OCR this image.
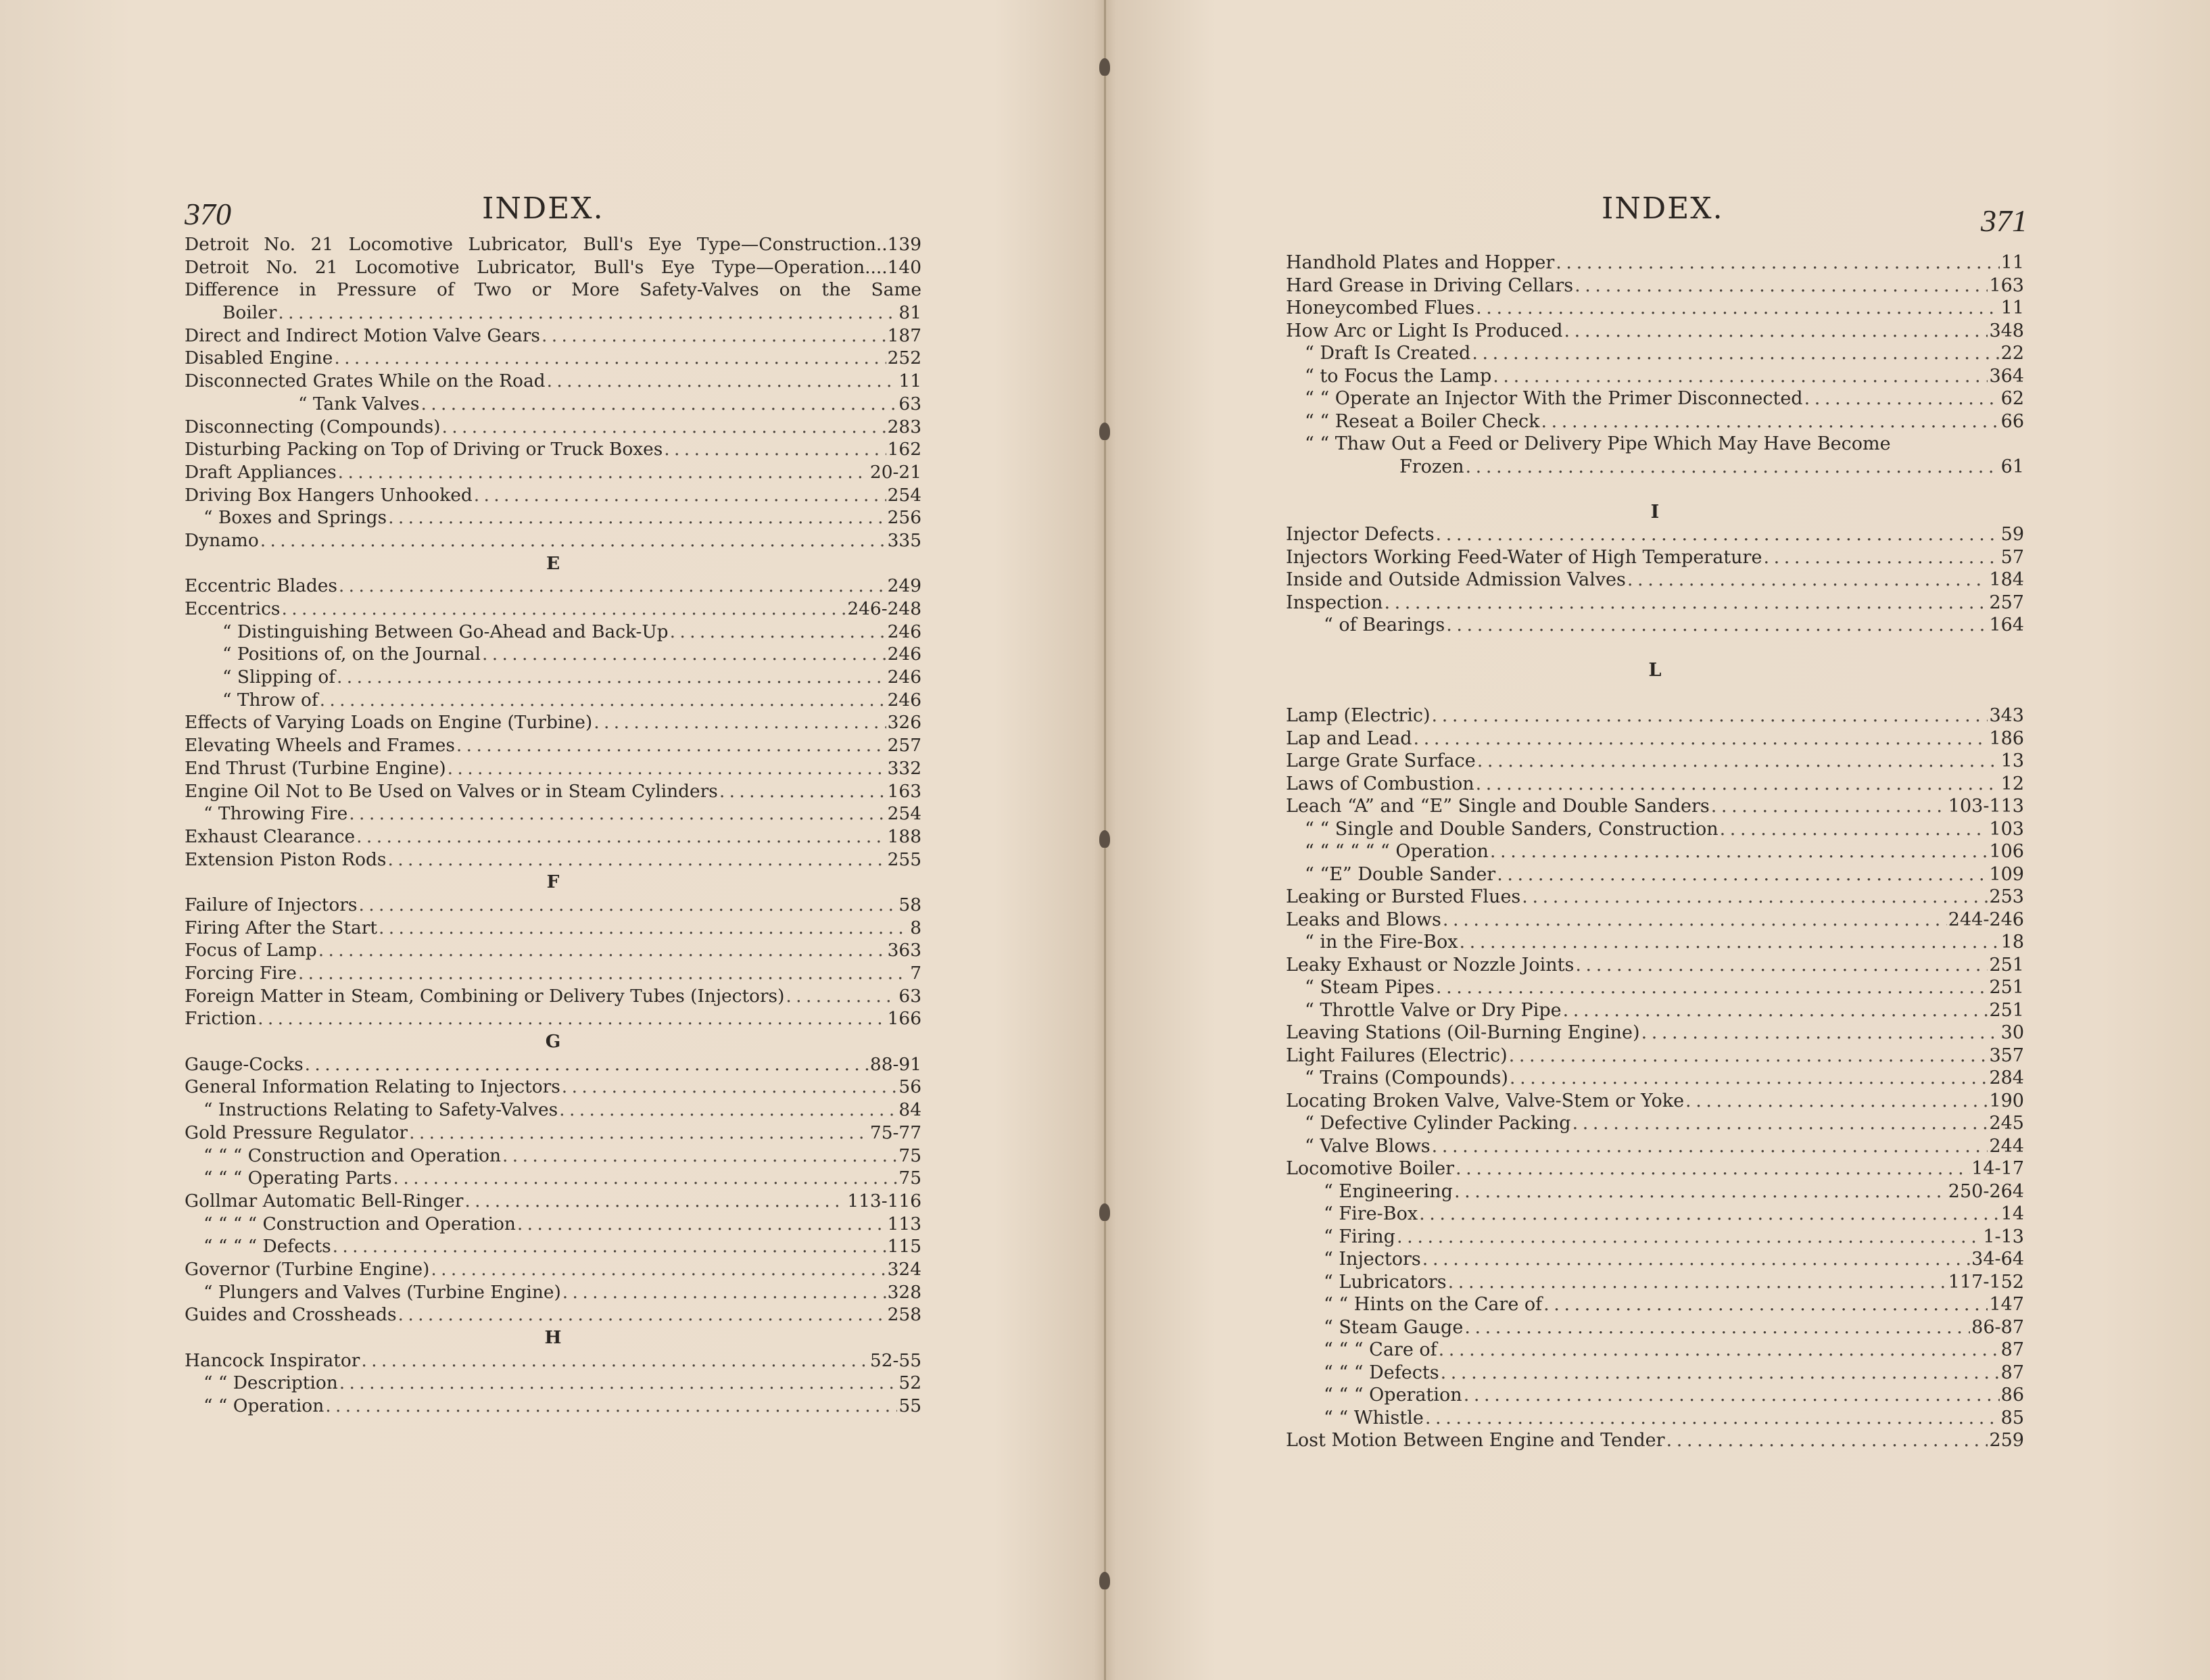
370	INDEX.
Detroit No. 21 Locomotive Lubricator, Bull's Eye Type—Construction..139
Detroit No. 21 Locomotive Lubricator, Bull's Eye Type—Operation....140
Difference in Pressure of Two or More Safety-Valves on the Same
Boiler . . .	81
Direct and Indirect Motion Valve Gears . . .	187
Disabled Engine . . .	252
Disconnected Grates While on the Road . . .	11
“ Tank Valves . . .	63
Disconnecting (Compounds) . . .	283
Disturbing Packing on Top of Driving or Truck Boxes . . .	162
Draft Appliances . . .	20-21
Driving Box Hangers Unhooked . . .	254
“ Boxes and Springs . . .	256
Dynamo . . .	335
E
Eccentric Blades . . .	249
Eccentrics . . .	246-248
“ Distinguishing Between Go-Ahead and Back-Up . . .	246
“ Positions of, on the Journal . . .	246
“ Slipping of . . .	246
“ Throw of . . .	246
Effects of Varying Loads on Engine (Turbine) . . .	326
Elevating Wheels and Frames . . .	257
End Thrust (Turbine Engine) . . .	332
Engine Oil Not to Be Used on Valves or in Steam Cylinders . . .	163
“ Throwing Fire . . .	254
Exhaust Clearance . . .	188
Extension Piston Rods . . .	255
F
Failure of Injectors . . .	58
Firing After the Start . . .	8
Focus of Lamp . . .	363
Forcing Fire . . .	7
Foreign Matter in Steam, Combining or Delivery Tubes (Injectors) . . .	63
Friction . . .	166
G
Gauge-Cocks . . .	88-91
General Information Relating to Injectors . . .	56
“ Instructions Relating to Safety-Valves . . .	84
Gold Pressure Regulator . . .	75-77
“ “ “ Construction and Operation . . .	75
“ “ “ Operating Parts . . .	75
Gollmar Automatic Bell-Ringer . . .	113-116
“ “ “ “ Construction and Operation . . .	113
“ “ “ “ Defects . . .	115
Governor (Turbine Engine) . . .	324
“ Plungers and Valves (Turbine Engine) . . .	328
Guides and Crossheads . . .	258
H
Hancock Inspirator . . .	52-55
“ “ Description . . .	52
“ “ Operation . . .	55
INDEX.	371
Handhold Plates and Hopper . . .	11
Hard Grease in Driving Cellars . . .	163
Honeycombed Flues . . .	11
How Arc or Light Is Produced . . .	348
“ Draft Is Created . . .	22
“ to Focus the Lamp . . .	364
“ “ Operate an Injector With the Primer Disconnected . . .	62
“ “ Reseat a Boiler Check . . .	66
“ “ Thaw Out a Feed or Delivery Pipe Which May Have Become
Frozen . . .	61
I
Injector Defects . . .	59
Injectors Working Feed-Water of High Temperature . . .	57
Inside and Outside Admission Valves . . .	184
Inspection . . .	257
“ of Bearings . . .	164
L
Lamp (Electric) . . .	343
Lap and Lead . . .	186
Large Grate Surface . . .	13
Laws of Combustion . . .	12
Leach “A” and “E” Single and Double Sanders . . .	103-113
“ “ Single and Double Sanders, Construction . . .	103
“ “ “ “ “ “ Operation . . .	106
“ “E” Double Sander . . .	109
Leaking or Bursted Flues . . .	253
Leaks and Blows . . .	244-246
“ in the Fire-Box . . .	18
Leaky Exhaust or Nozzle Joints . . .	251
“ Steam Pipes . . .	251
“ Throttle Valve or Dry Pipe . . .	251
Leaving Stations (Oil-Burning Engine) . . .	30
Light Failures (Electric) . . .	357
“ Trains (Compounds) . . .	284
Locating Broken Valve, Valve-Stem or Yoke . . .	190
“ Defective Cylinder Packing . . .	245
“ Valve Blows . . .	244
Locomotive Boiler . . .	14-17
“ Engineering . . .	250-264
“ Fire-Box . . .	14
“ Firing . . .	1-13
“ Injectors . . .	34-64
“ Lubricators . . .	117-152
“ “ Hints on the Care of . . .	147
“ Steam Gauge . . .	86-87
“ “ “ Care of . . .	87
“ “ “ Defects . . .	87
“ “ “ Operation . . .	86
“ “ Whistle . . .	85
Lost Motion Between Engine and Tender . . .	259
